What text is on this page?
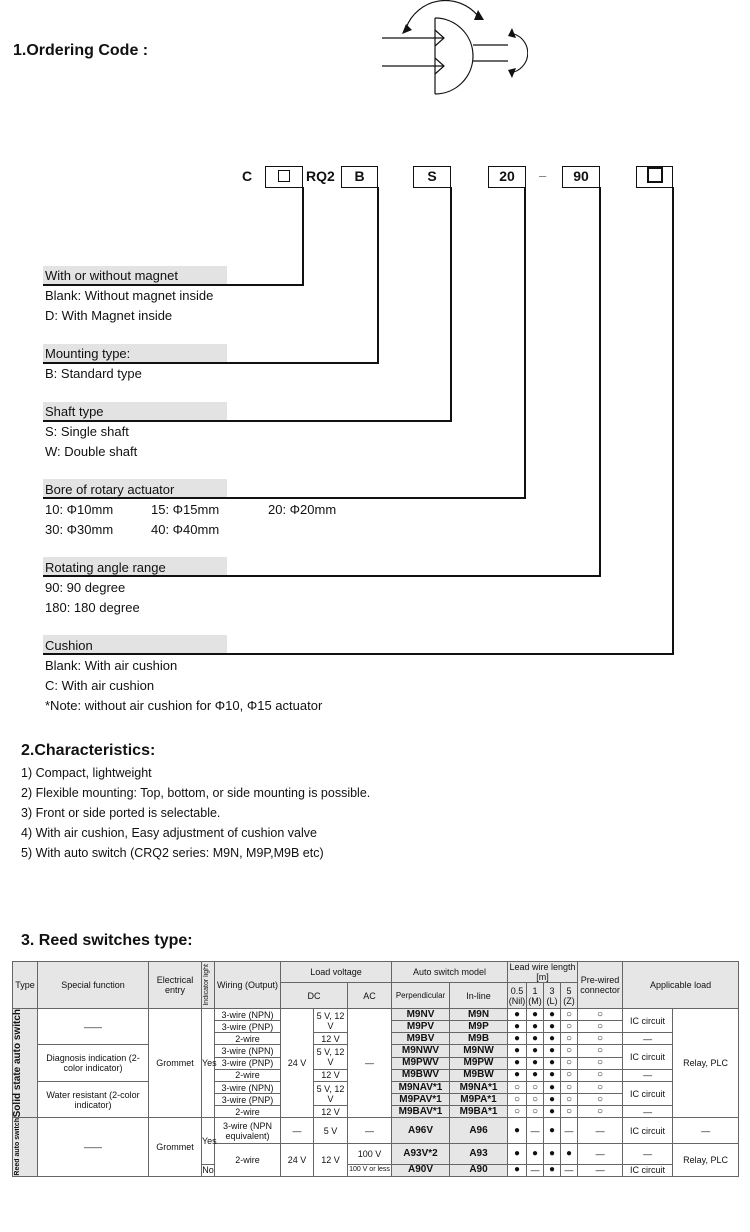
1.Ordering Code :
C	RQ2	B	S	20	–	90
With or without magnet
Blank: Without magnet inside
D: With Magnet inside
Mounting type:
B: Standard type
Shaft type
S: Single shaft
W: Double shaft
Bore of rotary actuator
10: Φ10mm	15: Φ15mm	20: Φ20mm
30: Φ30mm	40: Φ40mm
Rotating angle range
90: 90 degree
180: 180 degree
Cushion
Blank: With air cushion
C: With air cushion
*Note: without air cushion for Φ10, Φ15 actuator
2.Characteristics:
1) Compact, lightweight
2) Flexible mounting: Top, bottom, or side mounting is possible.
3) Front or side ported is selectable.
4) With air cushion, Easy adjustment of cushion valve
5) With auto switch (CRQ2 series: M9N, M9P,M9B etc)
3. Reed switches type:
Type	Special function	Electrical entry	Indicator light	Wiring (Output)	Load voltage			Auto switch model		Lead wire length [m]				Pre-wired connector	Applicable load	
					DC		AC	Perpendicular	In-line	0.5 (Nil)	1 (M)	3 (L)	5 (Z)			

Solid state auto switch	——	Grommet	Yes	3-wire (NPN)	24 V	5 V, 12 V	—	M9NV	M9N	●	●	●	○	○	IC circuit	Relay, PLC
				3-wire (PNP)				M9PV	M9P	●	●	●	○	○		
				2-wire		12 V		M9BV	M9B	●	●	●	○	○	—	
	Diagnosis indication (2-color indicator)			3-wire (NPN)		5 V, 12 V		M9NWV	M9NW	●	●	●	○	○	IC circuit	
				3-wire (PNP)				M9PWV	M9PW	●	●	●	○	○		
				2-wire		12 V		M9BWV	M9BW	●	●	●	○	○	—	
	Water resistant (2-color indicator)			3-wire (NPN)		5 V, 12 V		M9NAV*1	M9NA*1	○	○	●	○	○	IC circuit	
				3-wire (PNP)				M9PAV*1	M9PA*1	○	○	●	○	○		
				2-wire		12 V		M9BAV*1	M9BA*1	○	○	●	○	○	—	

Reed auto switch	——	Grommet	Yes	3-wire (NPN equivalent)	—	5 V	—	A96V	A96	●	—	●	—	—	IC circuit	—
				2-wire	24 V	12 V	100 V	A93V*2	A93	●	●	●	●	—	—	Relay, PLC
			No				100 V or less	A90V	A90	●	—	●	—	—	IC circuit	
